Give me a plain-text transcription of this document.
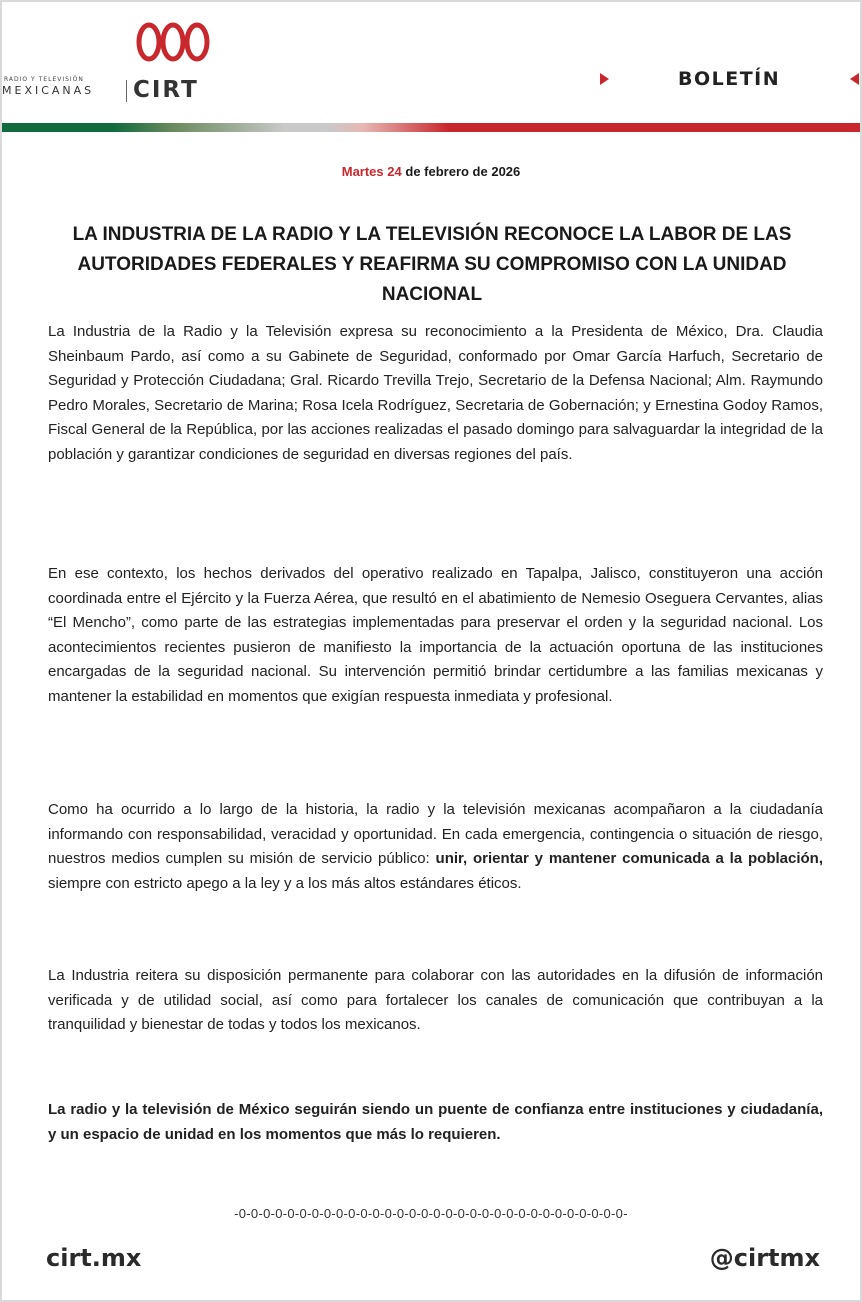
RADIO Y TELEVISIÓN
MEXICANAS CIRT	BOLETÍN
Martes 24 de febrero de 2026
LA INDUSTRIA DE LA RADIO Y LA TELEVISIÓN RECONOCE LA LABOR DE LAS AUTORIDADES FEDERALES Y REAFIRMA SU COMPROMISO CON LA UNIDAD NACIONAL

La Industria de la Radio y la Televisión expresa su reconocimiento a la Presidenta de México, Dra. Claudia Sheinbaum Pardo, así como a su Gabinete de Seguridad, conformado por Omar García Harfuch, Secretario de Seguridad y Protección Ciudadana; Gral. Ricardo Trevilla Trejo, Secretario de la Defensa Nacional; Alm. Raymundo Pedro Morales, Secretario de Marina; Rosa Icela Rodríguez, Secretaria de Gobernación; y Ernestina Godoy Ramos, Fiscal General de la República, por las acciones realizadas el pasado domingo para salvaguardar la integridad de la población y garantizar condiciones de seguridad en diversas regiones del país.

En ese contexto, los hechos derivados del operativo realizado en Tapalpa, Jalisco, constituyeron una acción coordinada entre el Ejército y la Fuerza Aérea, que resultó en el abatimiento de Nemesio Oseguera Cervantes, alias “El Mencho”, como parte de las estrategias implementadas para preservar el orden y la seguridad nacional. Los acontecimientos recientes pusieron de manifiesto la importancia de la actuación oportuna de las instituciones encargadas de la seguridad nacional. Su intervención permitió brindar certidumbre a las familias mexicanas y mantener la estabilidad en momentos que exigían respuesta inmediata y profesional.

Como ha ocurrido a lo largo de la historia, la radio y la televisión mexicanas acompañaron a la ciudadanía informando con responsabilidad, veracidad y oportunidad. En cada emergencia, contingencia o situación de riesgo, nuestros medios cumplen su misión de servicio público: unir, orientar y mantener comunicada a la población, siempre con estricto apego a la ley y a los más altos estándares éticos.

La Industria reitera su disposición permanente para colaborar con las autoridades en la difusión de información verificada y de utilidad social, así como para fortalecer los canales de comunicación que contribuyan a la tranquilidad y bienestar de todas y todos los mexicanos.

La radio y la televisión de México seguirán siendo un puente de confianza entre instituciones y ciudadanía, y un espacio de unidad en los momentos que más lo requieren.

-0-0-0-0-0-0-0-0-0-0-0-0-0-0-0-0-0-0-0-0-0-0-0-0-0-0-0-0-0-0-0-0-
cirt.mx	@cirtmx
